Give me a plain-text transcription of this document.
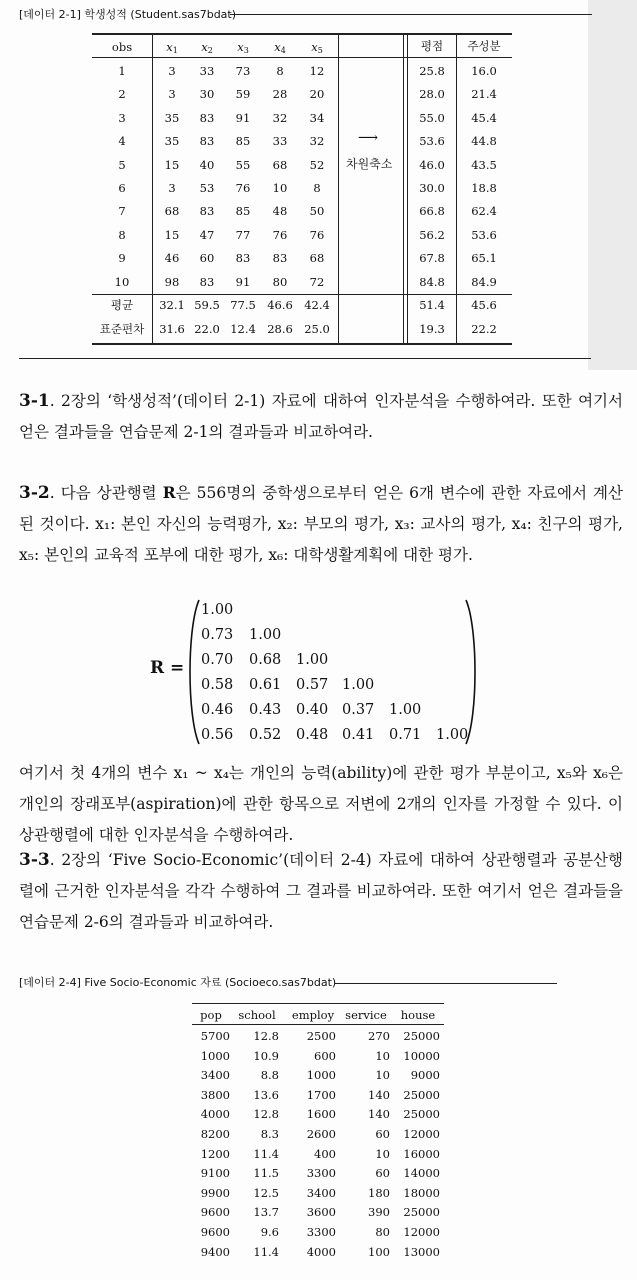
[데이터 2-1] 학생성적 (Student.sas7bdat)
obs	$x_1$	$x_2$	$x_3$	$x_4$	$x_5$	평점	주성분
1	3	33	73	8	12	25.8	16.0
2	3	30	59	28	20	28.0	21.4
3	35	83	91	32	34	55.0	45.4
4	35	83	85	33	32	53.6	44.8
5	15	40	55	68	52	46.0	43.5
6	3	53	76	10	8	30.0	18.8
7	68	83	85	48	50	66.8	62.4
8	15	47	77	76	76	56.2	53.6
9	46	60	83	83	68	67.8	65.1
10	98	83	91	80	72	84.8	84.9
평균	32.1 59.5 77.5 46.6 42.4	51.4	45.6
표준편차 31.6 22.0 12.4 28.6 25.0	19.3	22.2
⟶
차원축소
3-1. 2장의 ‘학생성적’(데이터 2-1) 자료에 대하여 인자분석을 수행하여라. 또한 여기서 얻은 결과들을 연습문제 2-1의 결과들과 비교하여라.
3-2. 다음 상관행렬 R은 556명의 중학생으로부터 얻은 6개 변수에 관한 자료에서 계산된 것이다. x₁: 본인 자신의 능력평가, x₂: 부모의 평가, x₃: 교사의 평가, x₄: 친구의 평가, x₅: 본인의 교육적 포부에 대한 평가, x₆: 대학생활계획에 대한 평가.
R =
1.00
0.73 1.00
0.70 0.68 1.00
0.58 0.61 0.57 1.00
0.46 0.43 0.40 0.37 1.00
0.56 0.52 0.48 0.41 0.71 1.00
여기서 첫 4개의 변수 x₁ ~ x₄는 개인의 능력(ability)에 관한 평가 부분이고, x₅와 x₆은 개인의 장래포부(aspiration)에 관한 항목으로 저변에 2개의 인자를 가정할 수 있다. 이 상관행렬에 대한 인자분석을 수행하여라.
3-3. 2장의 ‘Five Socio-Economic’(데이터 2-4) 자료에 대하여 상관행렬과 공분산행렬에 근거한 인자분석을 각각 수행하여 그 결과를 비교하여라. 또한 여기서 얻은 결과들을 연습문제 2-6의 결과들과 비교하여라.
[데이터 2-4] Five Socio-Economic 자료 (Socioeco.sas7bdat)
pop	school employ service	house
5700	12.8	2500	270	25000
1000	10.9	600	10	10000
3400	8.8	1000	10	9000
3800	13.6	1700	140	25000
4000	12.8	1600	140	25000
8200	8.3	2600	60	12000
1200	11.4	400	10	16000
9100	11.5	3300	60	14000
9900	12.5	3400	180	18000
9600	13.7	3600	390	25000
9600	9.6	3300	80	12000
9400	11.4	4000	100	13000
